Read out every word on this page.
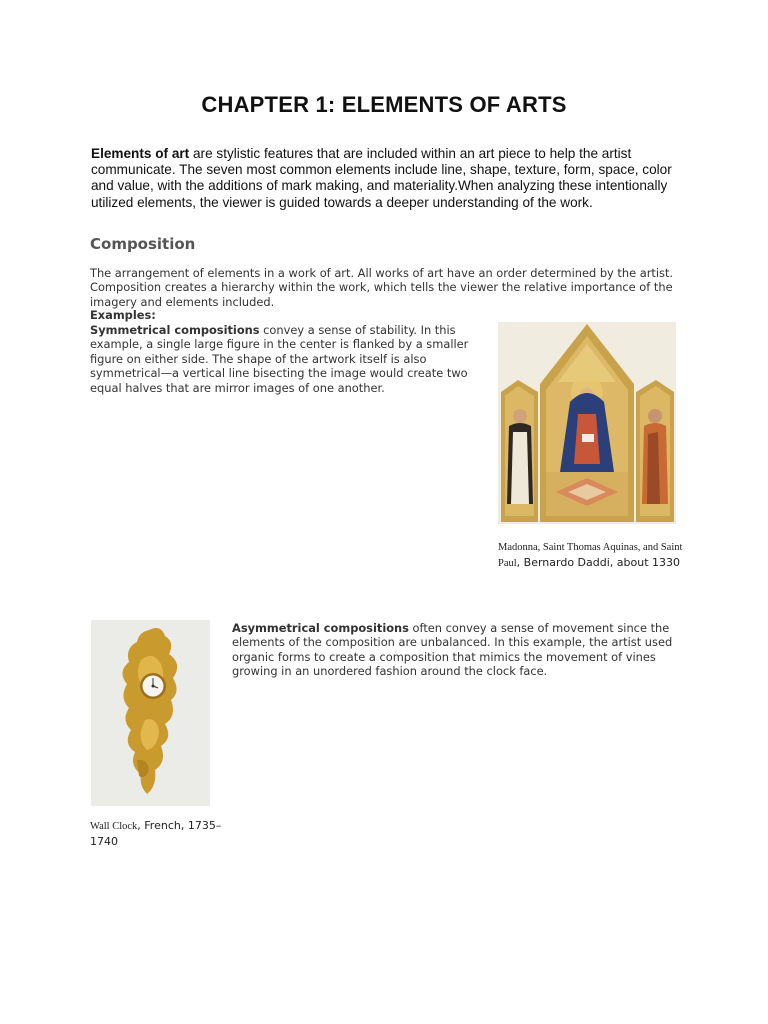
CHAPTER 1: ELEMENTS OF ARTS

Elements of art are stylistic features that are included within an art piece to help the artist communicate. The seven most common elements include line, shape, texture, form, space, color and value, with the additions of mark making, and materiality.When analyzing these intentionally utilized elements, the viewer is guided towards a deeper understanding of the work.

Composition
The arrangement of elements in a work of art. All works of art have an order determined by the artist. Composition creates a hierarchy within the work, which tells the viewer the relative importance of the imagery and elements included.
Examples:
Symmetrical compositions convey a sense of stability. In this example, a single large figure in the center is flanked by a smaller figure on either side. The shape of the artwork itself is also symmetrical—a vertical line bisecting the image would create two equal halves that are mirror images of one another.
Madonna, Saint Thomas Aquinas, and Saint Paul, Bernardo Daddi, about 1330
Asymmetrical compositions often convey a sense of movement since the elements of the composition are unbalanced. In this example, the artist used organic forms to create a composition that mimics the movement of vines growing in an unordered fashion around the clock face.
Wall Clock, French, 1735–1740
